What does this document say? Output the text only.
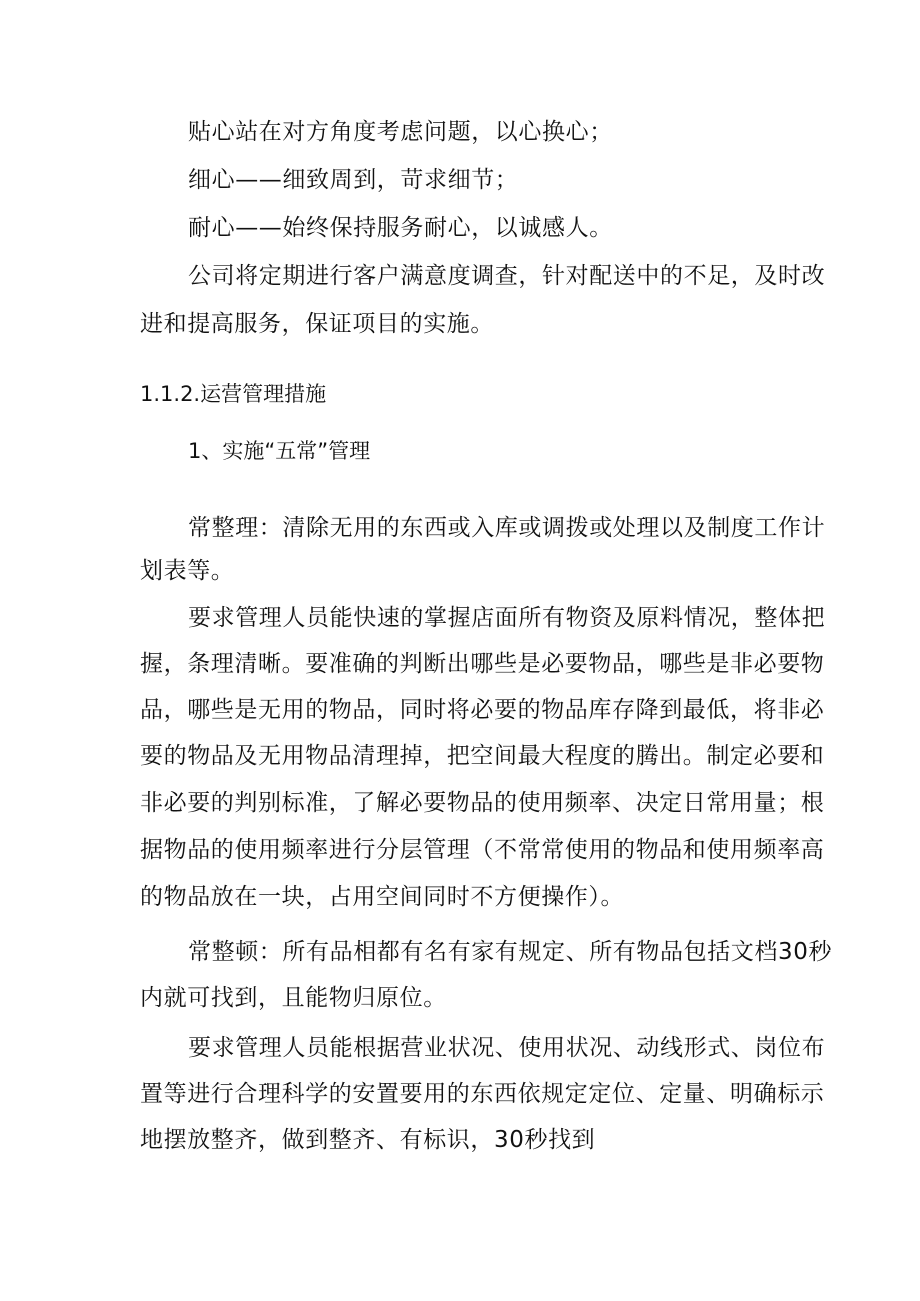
贴心站在对方角度考虑问题，以心换心；
细心——细致周到，苛求细节；
耐心——始终保持服务耐心，以诚感人。
公司将定期进行客户满意度调查，针对配送中的不足，及时改
进和提高服务，保证项目的实施。
1.1.2.运营管理措施
1、实施“五常”管理
常整理：清除无用的东西或入库或调拨或处理以及制度工作计
划表等。
要求管理人员能快速的掌握店面所有物资及原料情况，整体把
握，条理清晰。要准确的判断出哪些是必要物品，哪些是非必要物
品，哪些是无用的物品，同时将必要的物品库存降到最低，将非必
要的物品及无用物品清理掉，把空间最大程度的腾出。制定必要和
非必要的判别标准，了解必要物品的使用频率、决定日常用量；根
据物品的使用频率进行分层管理（不常常使用的物品和使用频率高
的物品放在一块，占用空间同时不方便操作）。
常整顿：所有品相都有名有家有规定、所有物品包括文档30秒
内就可找到，且能物归原位。
要求管理人员能根据营业状况、使用状况、动线形式、岗位布
置等进行合理科学的安置要用的东西依规定定位、定量、明确标示
地摆放整齐，做到整齐、有标识，30秒找到
